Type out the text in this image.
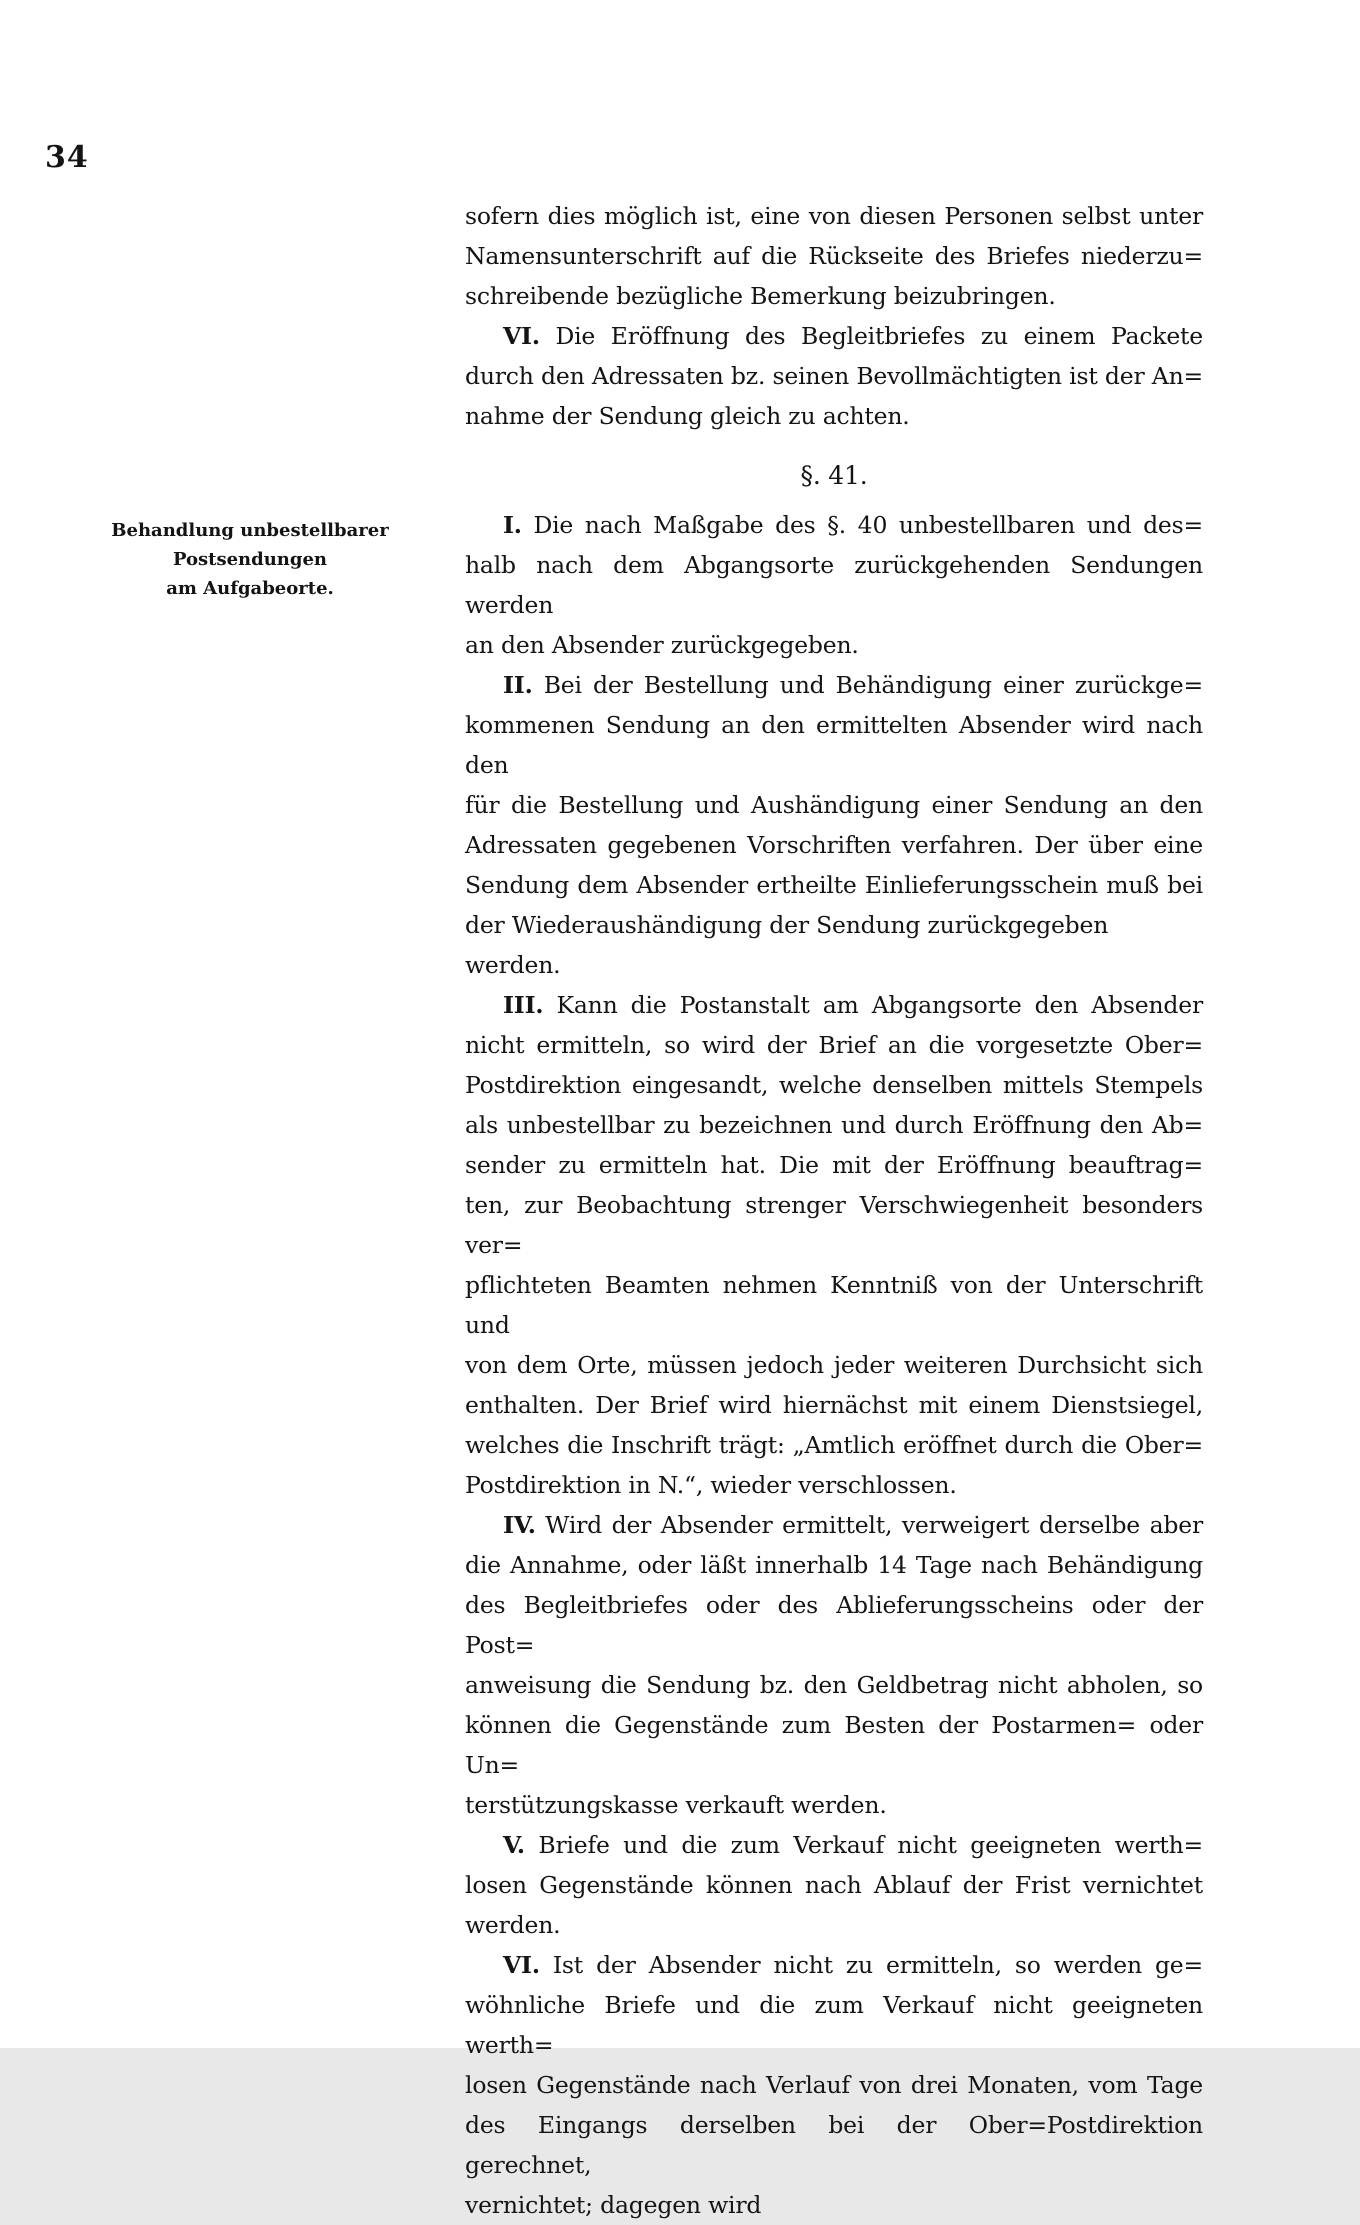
34
Behandlung unbestellbarer Postsendungen
am Aufgabeorte.
sofern dies möglich ist, eine von diesen Personen selbst unter
Namensunterschrift auf die Rückseite des Briefes niederzu=
schreibende bezügliche Bemerkung beizubringen.
VI. Die Eröffnung des Begleitbriefes zu einem Packete
durch den Adressaten bz. seinen Bevollmächtigten ist der An=
nahme der Sendung gleich zu achten.
§. 41.
I. Die nach Maßgabe des §. 40 unbestellbaren und des=
halb nach dem Abgangsorte zurückgehenden Sendungen werden
an den Absender zurückgegeben.
II. Bei der Bestellung und Behändigung einer zurückge=
kommenen Sendung an den ermittelten Absender wird nach den
für die Bestellung und Aushändigung einer Sendung an den
Adressaten gegebenen Vorschriften verfahren. Der über eine
Sendung dem Absender ertheilte Einlieferungsschein muß bei
der Wiederaushändigung der Sendung zurückgegeben werden.
III. Kann die Postanstalt am Abgangsorte den Absender
nicht ermitteln, so wird der Brief an die vorgesetzte Ober=
Postdirektion eingesandt, welche denselben mittels Stempels
als unbestellbar zu bezeichnen und durch Eröffnung den Ab=
sender zu ermitteln hat. Die mit der Eröffnung beauftrag=
ten, zur Beobachtung strenger Verschwiegenheit besonders ver=
pflichteten Beamten nehmen Kenntniß von der Unterschrift und
von dem Orte, müssen jedoch jeder weiteren Durchsicht sich
enthalten. Der Brief wird hiernächst mit einem Dienstsiegel,
welches die Inschrift trägt: „Amtlich eröffnet durch die Ober=
Postdirektion in N.“, wieder verschlossen.
IV. Wird der Absender ermittelt, verweigert derselbe aber
die Annahme, oder läßt innerhalb 14 Tage nach Behändigung
des Begleitbriefes oder des Ablieferungsscheins oder der Post=
anweisung die Sendung bz. den Geldbetrag nicht abholen, so
können die Gegenstände zum Besten der Postarmen= oder Un=
terstützungskasse verkauft werden.
V. Briefe und die zum Verkauf nicht geeigneten werth=
losen Gegenstände können nach Ablauf der Frist vernichtet
werden.
VI. Ist der Absender nicht zu ermitteln, so werden ge=
wöhnliche Briefe und die zum Verkauf nicht geeigneten werth=
losen Gegenstände nach Verlauf von drei Monaten, vom Tage
des Eingangs derselben bei der Ober=Postdirektion gerechnet,
vernichtet; dagegen wird
